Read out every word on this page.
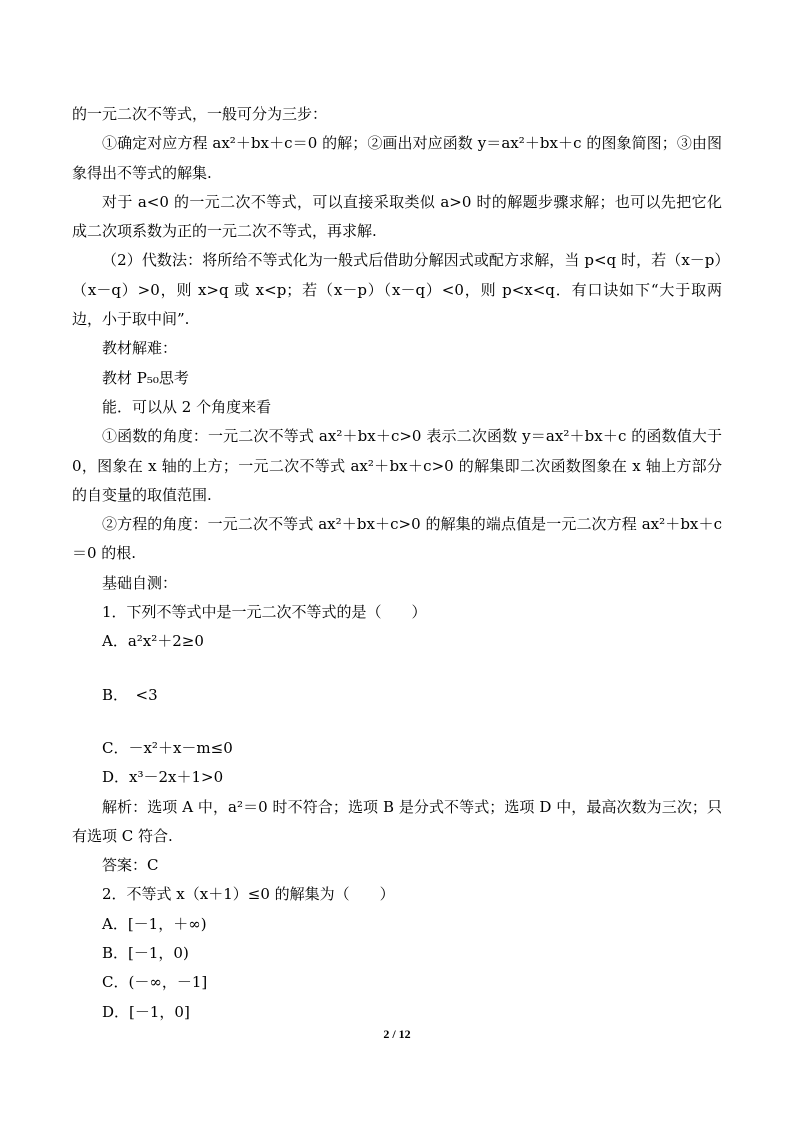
的一元二次不等式，一般可分为三步：

①确定对应方程 ax²＋bx＋c＝0 的解；②画出对应函数 y＝ax²＋bx＋c 的图象简图；③由图象得出不等式的解集.

对于 a<0 的一元二次不等式，可以直接采取类似 a>0 时的解题步骤求解；也可以先把它化成二次项系数为正的一元二次不等式，再求解.

（2）代数法：将所给不等式化为一般式后借助分解因式或配方求解，当 p<q 时，若（x－p）（x－q）>0，则 x>q 或 x<p；若（x－p）（x－q）<0，则 p<x<q．有口诀如下“大于取两边，小于取中间”.

教材解难：

教材 P₅₀思考

能．可以从 2 个角度来看

①函数的角度：一元二次不等式 ax²＋bx＋c>0 表示二次函数 y＝ax²＋bx＋c 的函数值大于 0，图象在 x 轴的上方；一元二次不等式 ax²＋bx＋c>0 的解集即二次函数图象在 x 轴上方部分的自变量的取值范围.

②方程的角度：一元二次不等式 ax²＋bx＋c>0 的解集的端点值是一元二次方程 ax²＋bx＋c＝0 的根.

基础自测：

1．下列不等式中是一元二次不等式的是（　　）

A．a²x²＋2≥0

B．　<3

C．－x²＋x－m≤0

D．x³－2x＋1>0

解析：选项 A 中，a²＝0 时不符合；选项 B 是分式不等式；选项 D 中，最高次数为三次；只有选项 C 符合.

答案：C

2．不等式 x（x＋1）≤0 的解集为（　　）

A．[－1，＋∞)

B．[－1，0)

C．(－∞，－1]

D．[－1，0]

2 / 12
